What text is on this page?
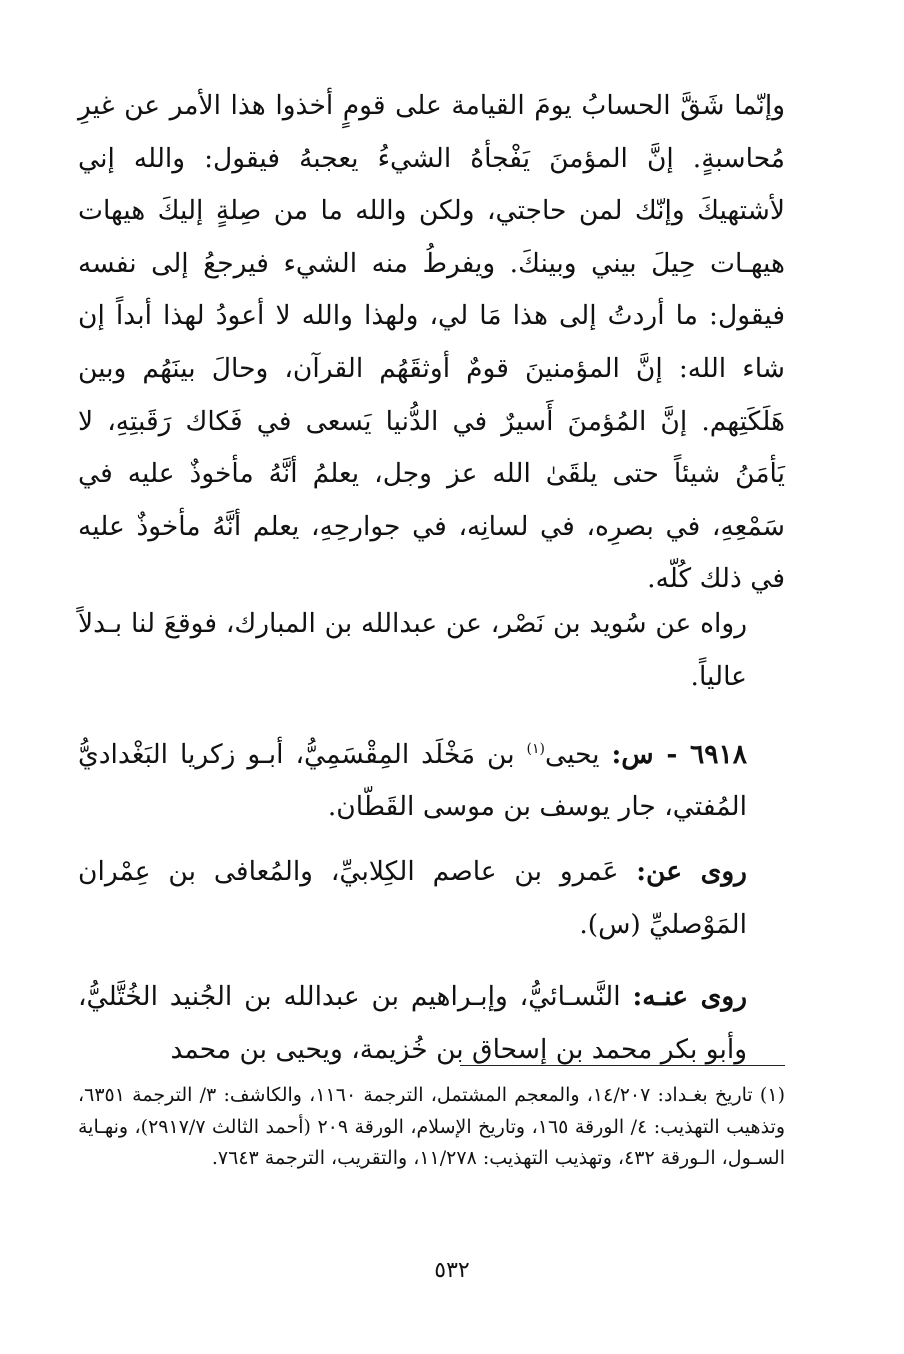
وإنّما شَقَّ الحسابُ يومَ القيامة على قومٍ أخذوا هذا الأمر عن غيرِ مُحاسبةٍ. إنَّ المؤمنَ يَفْجأهُ الشيءُ يعجبهُ فيقول: والله إني لأشتهيكَ وإنّك لمن حاجتي، ولكن والله ما من صِلةٍ إليكَ هيهات هيهـات حِيلَ بيني وبينكَ. ويفرطُ منه الشيء فيرجعُ إلى نفسه فيقول: ما أردتُ إلى هذا مَا لي، ولهذا والله لا أعودُ لهذا أبداً إن شاء الله: إنَّ المؤمنينَ قومٌ أوثقَهُم القرآن، وحالَ بينَهُم وبين هَلَكَتِهم. إنَّ المُؤمنَ أَسيرٌ في الدُّنيا يَسعى في فَكاك رَقَبتِهِ، لا يَأمَنُ شيئاً حتى يلقَىٰ الله عز وجل، يعلمُ أنَّهُ مأخوذٌ عليه في سَمْعِهِ، في بصرِه، في لسانِه، في جوارحِهِ، يعلم أنَّهُ مأخوذٌ عليه في ذلك كُلّه.

رواه عن سُويد بن نَصْر، عن عبدالله بن المبارك، فوقعَ لنا بـدلاً عالياً.

٦٩١٨ - س: يحيى$^{(١)}$ بن مَخْلَد المِقْسَمِيُّ، أبـو زكريا البَغْداديُّ المُفتي، جار يوسف بن موسى القَطّان.

روى عن: عَمرو بن عاصم الكِلابيِّ، والمُعافى بن عِمْران المَوْصليِّ (س).

روى عنـه: النَّسـائيُّ، وإبـراهيم بن عبدالله بن الجُنيد الخُتَّليُّ، وأبو بكر محمد بن إسحاق بن خُزيمة، ويحيى بن محمد

(١) تاريخ بغـداد: ١٤/٢٠٧، والمعجم المشتمل، الترجمة ١١٦٠، والكاشف: ٣/ الترجمة ٦٣٥١، وتذهيب التهذيب: ٤/ الورقة ١٦٥، وتاريخ الإسلام، الورقة ٢٠٩ (أحمد الثالث ٢٩١٧/٧)، ونهـاية السـول، الـورقة ٤٣٢، وتهذيب التهذيب: ١١/٢٧٨، والتقريب، الترجمة ٧٦٤٣.
٥٣٢
